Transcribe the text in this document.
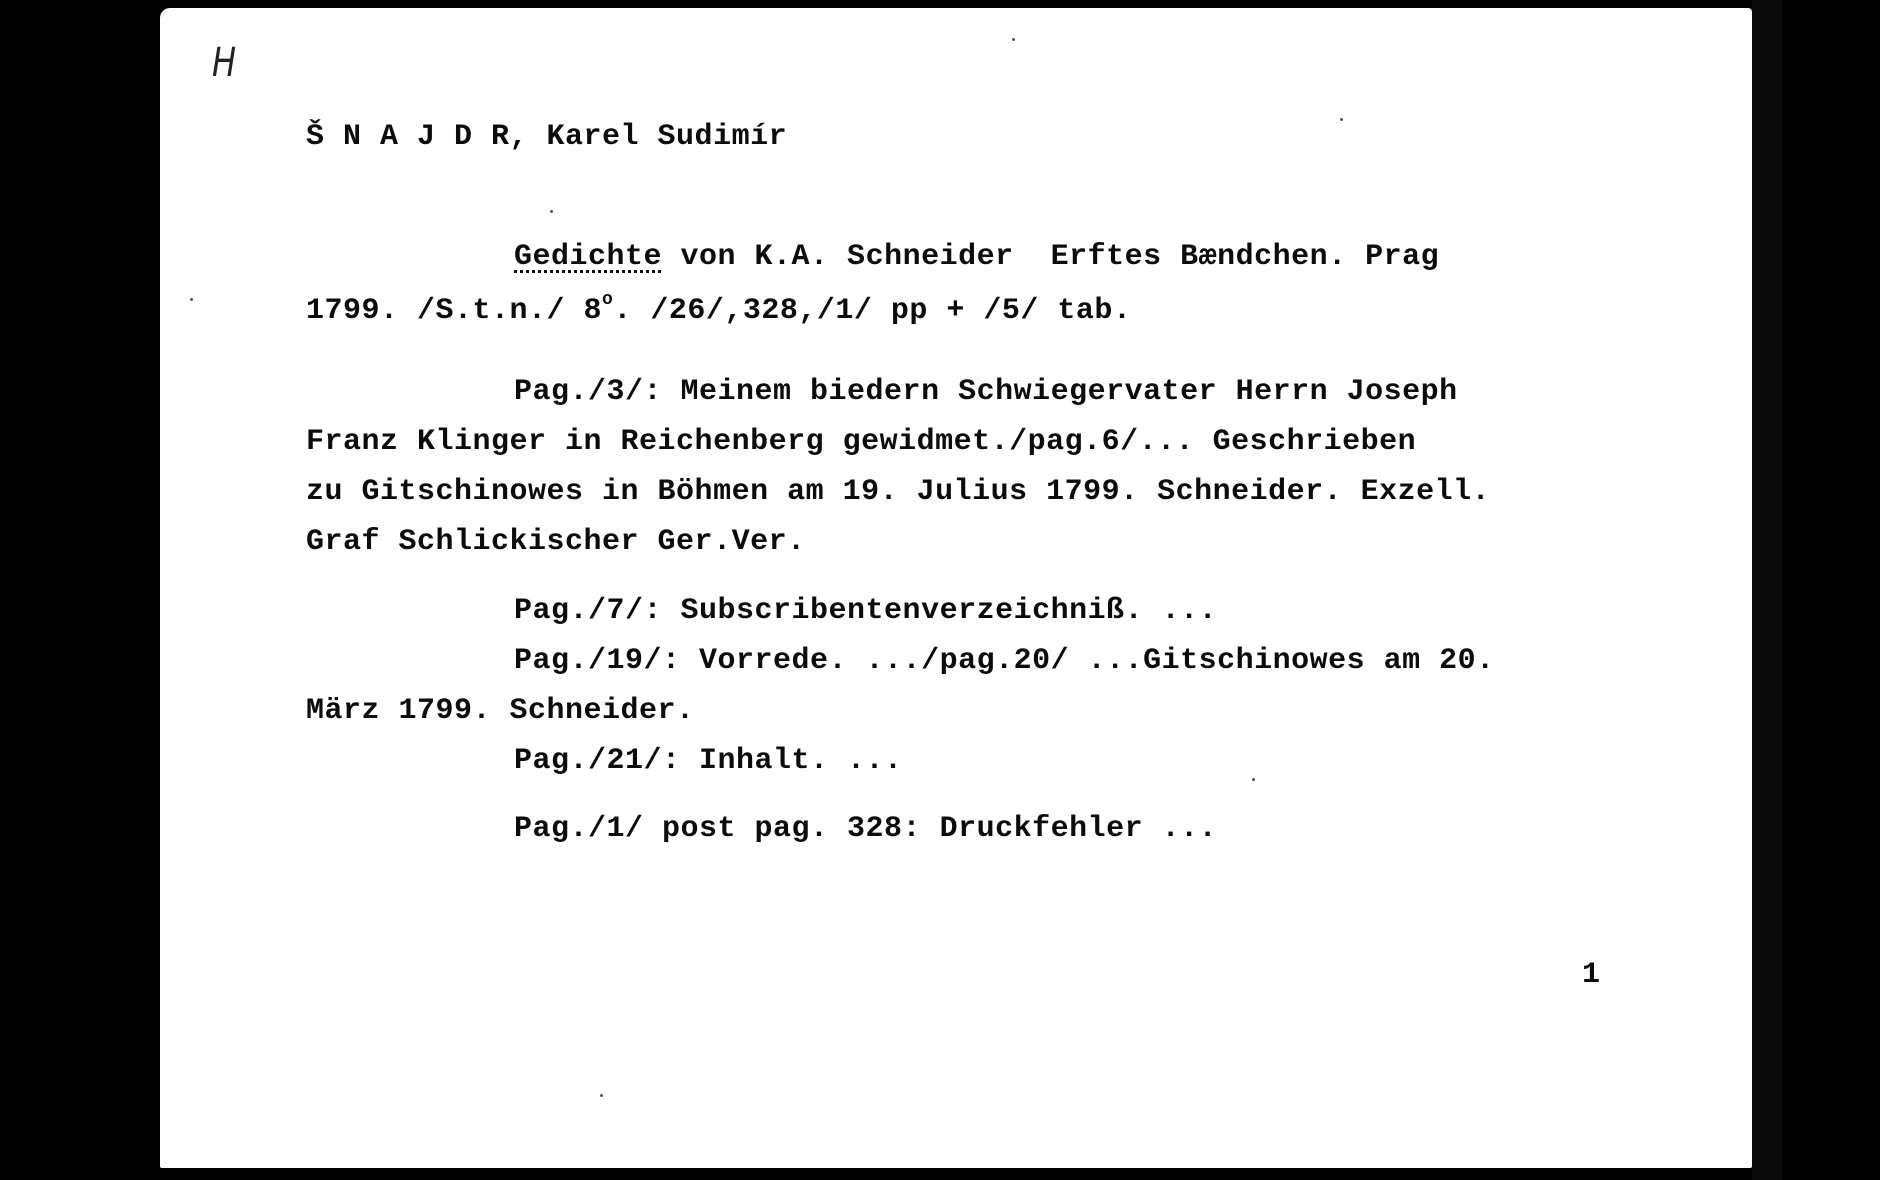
H
Š N A J D R, Karel Sudimír
Gedichte von K.A. Schneider  Erftes Bændchen. Prag
1799. /S.t.n./ 8$^o$. /26/,328,/1/ pp + /5/ tab.
Pag./3/: Meinem biedern Schwiegervater Herrn Joseph
Franz Klinger in Reichenberg gewidmet./pag.6/... Geschrieben
zu Gitschinowes in Böhmen am 19. Julius 1799. Schneider. Exzell.
Graf Schlickischer Ger.Ver.
Pag./7/: Subscribentenverzeichniß. ...
Pag./19/: Vorrede. .../pag.20/ ...Gitschinowes am 20.
März 1799. Schneider.
Pag./21/: Inhalt. ...
Pag./1/ post pag. 328: Druckfehler ...
1
